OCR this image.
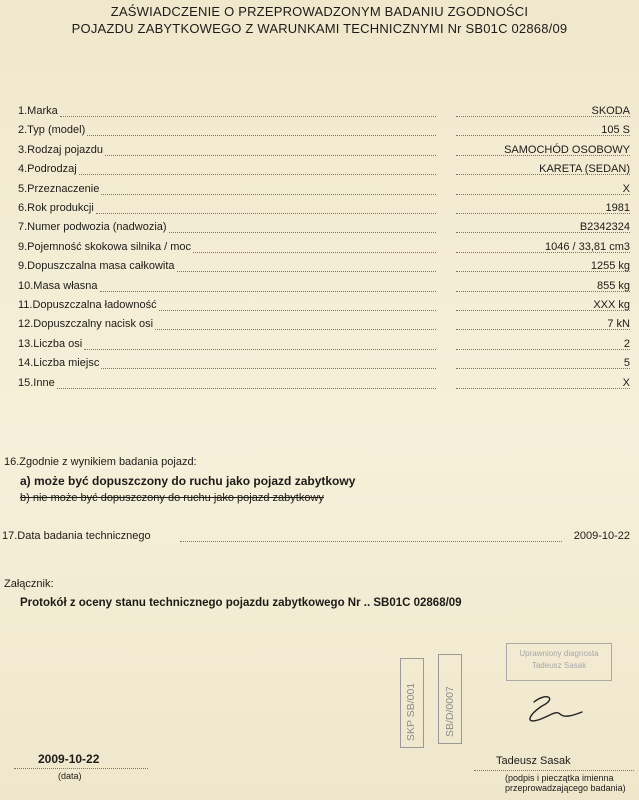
ZAŚWIADCZENIE O PRZEPROWADZONYM BADANIU ZGODNOŚCI
POJAZDU ZABYTKOWEGO Z WARUNKAMI TECHNICZNYMI Nr SB01C 02868/09
1.Marka	SKODA
2.Typ (model)	105 S
3.Rodzaj pojazdu	SAMOCHÓD OSOBOWY
4.Podrodzaj	KARETA (SEDAN)
5.Przeznaczenie	X
6.Rok produkcji	1981
7.Numer podwozia (nadwozia)	B2342324
9.Pojemność skokowa silnika / moc	1046 / 33,81 cm3
9.Dopuszczalna masa całkowita	1255 kg
10.Masa własna	855 kg
11.Dopuszczalna ładowność	XXX kg
12.Dopuszczalny nacisk osi	7 kN
13.Liczba osi	2
14.Liczba miejsc	5
15.Inne	X
16.Zgodnie z wynikiem badania pojazd:
a) może być dopuszczony do ruchu jako pojazd zabytkowy
b) nie może być dopuszczony do ruchu jako pojazd zabytkowy
17.Data badania technicznego	2009-10-22
Załącznik:
Protokół z oceny stanu technicznego pojazdu zabytkowego Nr .. SB01C 02868/09
SKP SB/001	SB/D/0007
Uprawniony diagnosta
Tadeusz Sasak
2009-10-22
(data)
Tadeusz Sasak
(podpis i pieczątka imienna
przeprowadzającego badania)
